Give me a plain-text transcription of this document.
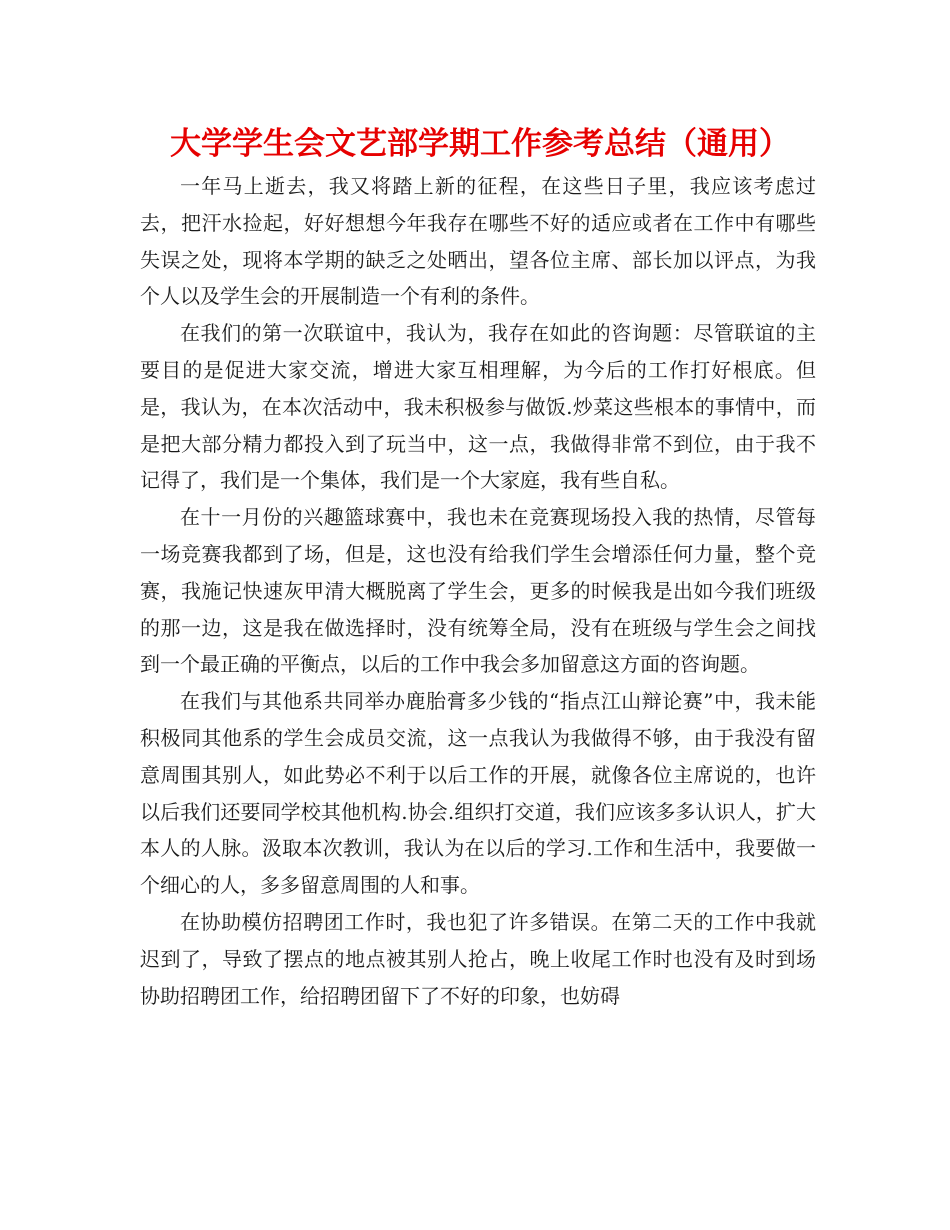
大学学生会文艺部学期工作参考总结（通用）

一年马上逝去，我又将踏上新的征程，在这些日子里，我应该考虑过去，把汗水捡起，好好想想今年我存在哪些不好的适应或者在工作中有哪些失误之处，现将本学期的缺乏之处晒出，望各位主席、部长加以评点，为我个人以及学生会的开展制造一个有利的条件。

在我们的第一次联谊中，我认为，我存在如此的咨询题：尽管联谊的主要目的是促进大家交流，增进大家互相理解，为今后的工作打好根底。但是，我认为，在本次活动中，我未积极参与做饭.炒菜这些根本的事情中，而是把大部分精力都投入到了玩当中，这一点，我做得非常不到位，由于我不记得了，我们是一个集体，我们是一个大家庭，我有些自私。

在十一月份的兴趣篮球赛中，我也未在竞赛现场投入我的热情，尽管每一场竞赛我都到了场，但是，这也没有给我们学生会增添任何力量，整个竞赛，我施记快速灰甲清大概脱离了学生会，更多的时候我是出如今我们班级的那一边，这是我在做选择时，没有统筹全局，没有在班级与学生会之间找到一个最正确的平衡点，以后的工作中我会多加留意这方面的咨询题。

在我们与其他系共同举办鹿胎膏多少钱的“指点江山辩论赛”中，我未能积极同其他系的学生会成员交流，这一点我认为我做得不够，由于我没有留意周围其别人，如此势必不利于以后工作的开展，就像各位主席说的，也许以后我们还要同学校其他机构.协会.组织打交道，我们应该多多认识人，扩大本人的人脉。汲取本次教训，我认为在以后的学习.工作和生活中，我要做一个细心的人，多多留意周围的人和事。

在协助模仿招聘团工作时，我也犯了许多错误。在第二天的工作中我就迟到了，导致了摆点的地点被其别人抢占，晚上收尾工作时也没有及时到场协助招聘团工作，给招聘团留下了不好的印象，也妨碍
